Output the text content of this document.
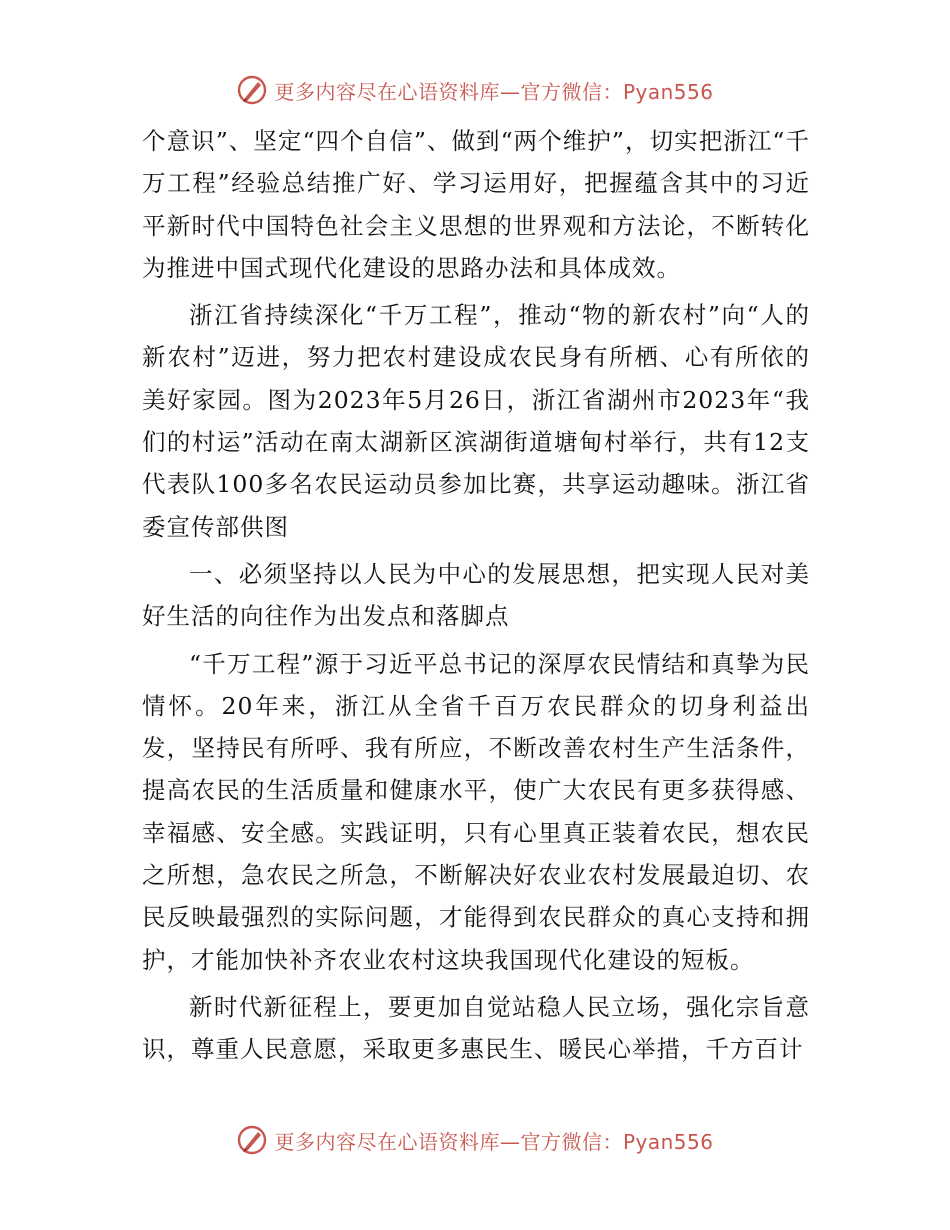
更多内容尽在心语资料库—官方微信：Pyan556

个意识”、坚定“四个自信”、做到“两个维护”，切实把浙江“千万工程”经验总结推广好、学习运用好，把握蕴含其中的习近平新时代中国特色社会主义思想的世界观和方法论，不断转化为推进中国式现代化建设的思路办法和具体成效。

浙江省持续深化“千万工程”，推动“物的新农村”向“人的新农村”迈进，努力把农村建设成农民身有所栖、心有所依的美好家园。图为2023年5月26日，浙江省湖州市2023年“我们的村运”活动在南太湖新区滨湖街道塘甸村举行，共有12支代表队100多名农民运动员参加比赛，共享运动趣味。浙江省委宣传部供图

一、必须坚持以人民为中心的发展思想，把实现人民对美好生活的向往作为出发点和落脚点

“千万工程”源于习近平总书记的深厚农民情结和真挚为民情怀。20年来，浙江从全省千百万农民群众的切身利益出发，坚持民有所呼、我有所应，不断改善农村生产生活条件，提高农民的生活质量和健康水平，使广大农民有更多获得感、幸福感、安全感。实践证明，只有心里真正装着农民，想农民之所想，急农民之所急，不断解决好农业农村发展最迫切、农民反映最强烈的实际问题，才能得到农民群众的真心支持和拥护，才能加快补齐农业农村这块我国现代化建设的短板。

新时代新征程上，要更加自觉站稳人民立场，强化宗旨意识，尊重人民意愿，采取更多惠民生、暖民心举措，千方百计

更多内容尽在心语资料库—官方微信：Pyan556
